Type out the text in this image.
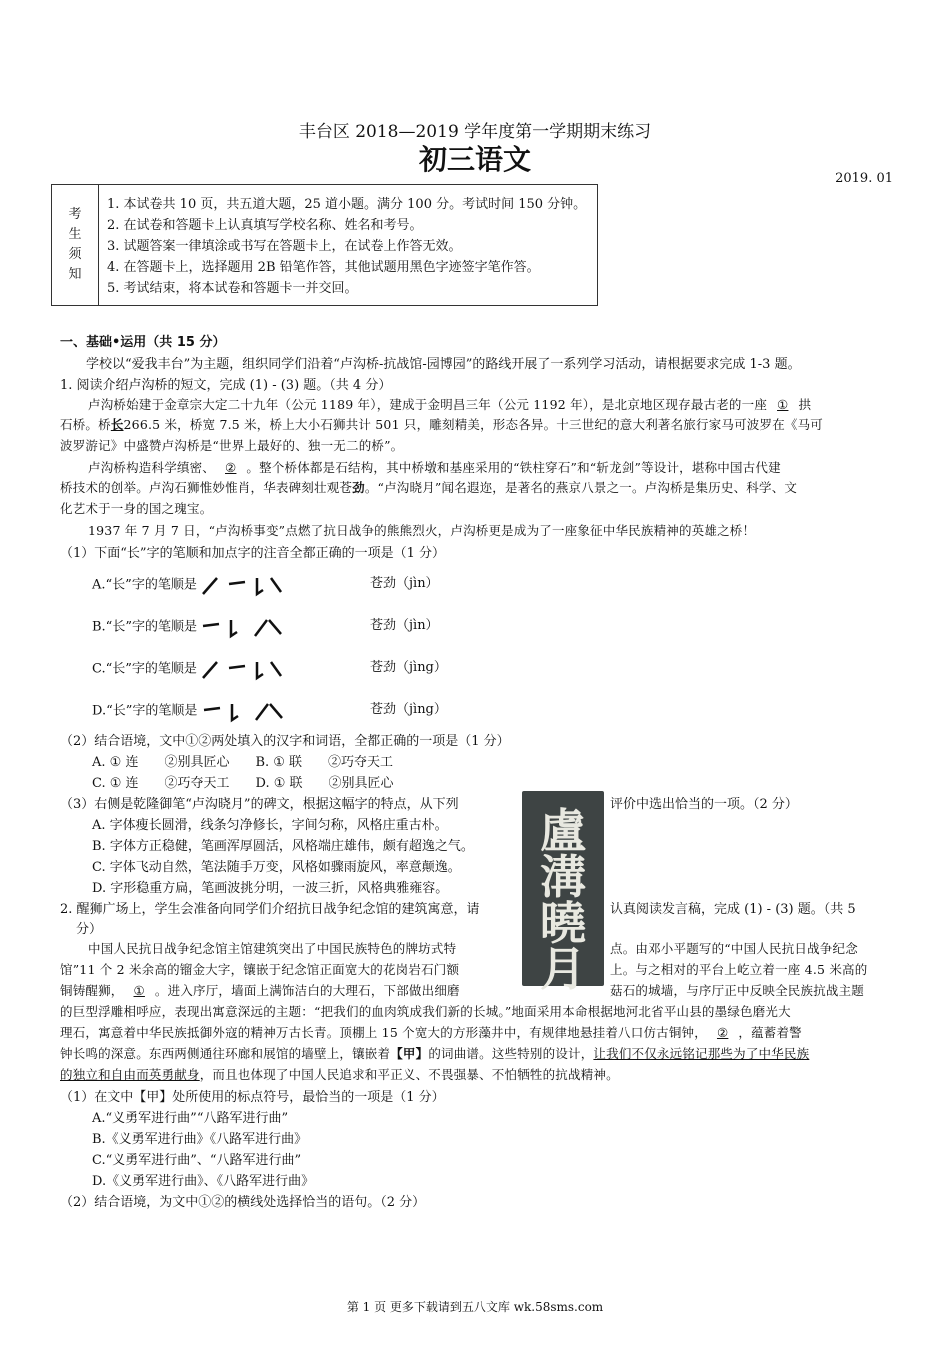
丰台区 2018—2019 学年度第一学期期末练习
初三语文
2019. 01
考
生
须
知
1. 本试卷共 10 页，共五道大题，25 道小题。满分 100 分。考试时间 150 分钟。
2. 在试卷和答题卡上认真填写学校名称、姓名和考号。
3. 试题答案一律填涂或书写在答题卡上，在试卷上作答无效。
4. 在答题卡上，选择题用 2B 铅笔作答，其他试题用黑色字迹签字笔作答。
5. 考试结束，将本试卷和答题卡一并交回。
一、基础•运用（共 15 分）
学校以“爱我丰台”为主题，组织同学们沿着“卢沟桥-抗战馆-园博园”的路线开展了一系列学习活动，请根据要求完成 1-3 题。
1. 阅读介绍卢沟桥的短文，完成 (1) - (3) 题。（共 4 分）
卢沟桥始建于金章宗大定二十九年（公元 1189 年），建成于金明昌三年（公元 1192 年），是北京地区现存最古老的一座 ① 拱
石桥。桥长266.5 米，桥宽 7.5 米，桥上大小石狮共计 501 只，雕刻精美，形态各异。十三世纪的意大利著名旅行家马可波罗在《马可
波罗游记》中盛赞卢沟桥是“世界上最好的、独一无二的桥”。
卢沟桥构造科学缜密、 ② 。整个桥体都是石结构，其中桥墩和基座采用的“铁柱穿石”和“斩龙剑”等设计，堪称中国古代建
桥技术的创举。卢沟石狮惟妙惟肖，华表碑刻壮观苍劲。“卢沟晓月”闻名遐迩，是著名的燕京八景之一。卢沟桥是集历史、科学、文
化艺术于一身的国之瑰宝。
1937 年 7 月 7 日，“卢沟桥事变”点燃了抗日战争的熊熊烈火，卢沟桥更是成为了一座象征中华民族精神的英雄之桥！
（1）下面“长”字的笔顺和加点字的注音全都正确的一项是（1 分）
A.“长”字的笔顺是	苍劲（jìn）
B.“长”字的笔顺是	苍劲（jìn）
C.“长”字的笔顺是	苍劲（jìng）
D.“长”字的笔顺是	苍劲（jìng）
（2）结合语境，文中①②两处填入的汉字和词语，全都正确的一项是（1 分）
A. ① 连　　②别具匠心　　B. ① 联　　②巧夺天工
C. ① 连　　②巧夺天工　　D. ① 联　　②别具匠心
（3）右侧是乾隆御笔“卢沟晓月”的碑文，根据这幅字的特点，从下列	评价中选出恰当的一项。（2 分）
A. 字体瘦长圆滑，线条匀净修长，字间匀称，风格庄重古朴。
B. 字体方正稳健，笔画浑厚圆活，风格端庄雄伟，颇有超逸之气。
C. 字体飞动自然，笔法随手万变，风格如骤雨旋风，率意颠逸。
D. 字形稳重方扁，笔画波挑分明，一波三折，风格典雅雍容。
盧
溝
曉
月
2. 醒狮广场上，学生会准备向同学们介绍抗日战争纪念馆的建筑寓意，请	认真阅读发言稿，完成 (1) - (3) 题。（共 5
分）
中国人民抗日战争纪念馆主馆建筑突出了中国民族特色的牌坊式特	点。由邓小平题写的“中国人民抗日战争纪念
馆”11 个 2 米余高的镏金大字，镶嵌于纪念馆正面宽大的花岗岩石门额	上。与之相对的平台上屹立着一座 4.5 米高的
铜铸醒狮， ① 。进入序厅，墙面上满饰洁白的大理石，下部做出细磨	菇石的城墙，与序厅正中反映全民族抗战主题
的巨型浮雕相呼应，表现出寓意深远的主题：“把我们的血肉筑成我们新的长城。”地面采用本命根据地河北省平山县的墨绿色磨光大
理石，寓意着中华民族抵御外寇的精神万古长青。顶棚上 15 个宽大的方形藻井中，有规律地悬挂着八口仿古铜钟， ② ，蕴蓄着警
钟长鸣的深意。东西两侧通往环廊和展馆的墙壁上，镶嵌着【甲】的词曲谱。这些特别的设计，让我们不仅永远铭记那些为了中华民族
的独立和自由而英勇献身，而且也体现了中国人民追求和平正义、不畏强暴、不怕牺牲的抗战精神。
（1）在文中【甲】处所使用的标点符号，最恰当的一项是（1 分）
A.“义勇军进行曲”“八路军进行曲”
B.《义勇军进行曲》《八路军进行曲》
C.“义勇军进行曲”、“八路军进行曲”
D.《义勇军进行曲》、《八路军进行曲》
（2）结合语境，为文中①②的横线处选择恰当的语句。（2 分）
第 1 页 更多下载请到五八文库 wk.58sms.com
